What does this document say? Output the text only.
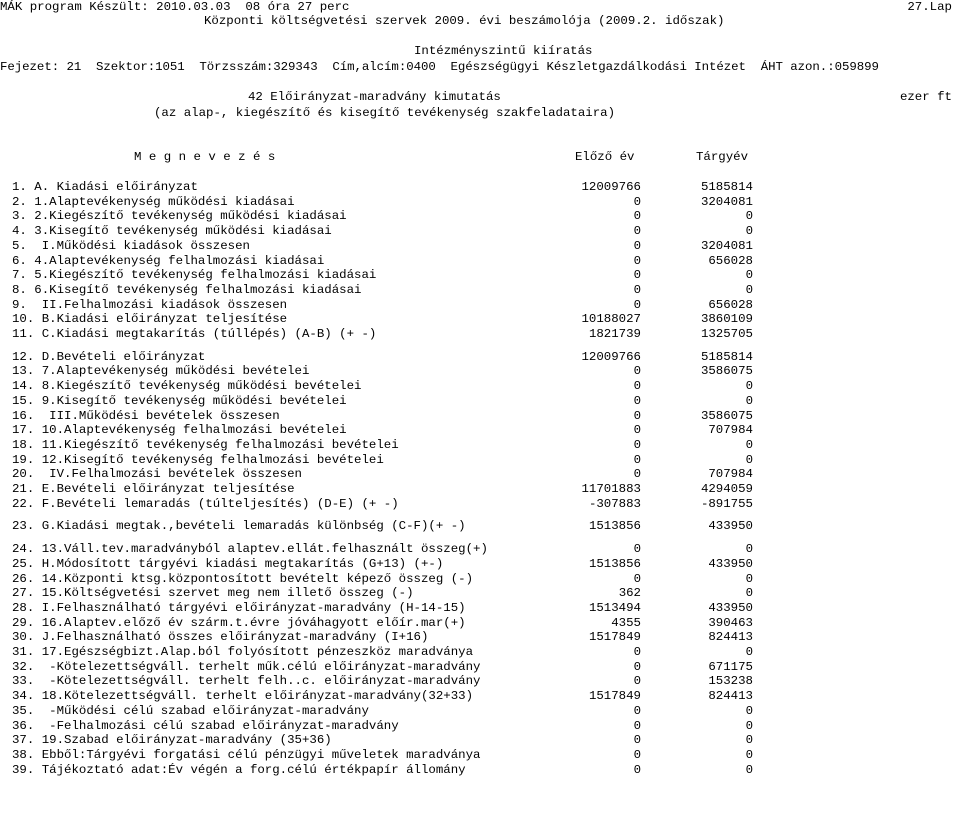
MÁK program Készült: 2010.03.03  08 óra 27 perc	27.Lap
Központi költségvetési szervek 2009. évi beszámolója (2009.2. időszak)
Intézményszintű kiíratás
Fejezet: 21  Szektor:1051  Törzsszám:329343  Cím,alcím:0400  Egészségügyi Készletgazdálkodási Intézet  ÁHT azon.:059899
42 Előirányzat-maradvány kimutatás	ezer ft
(az alap-, kiegészítő és kisegítő tevékenység szakfeladataira)
M e g n e v e z é s	Előző év	Tárgyév
1. A. Kiadási előirányzat	12009766	5185814
2. 1.Alaptevékenység működési kiadásai	0	3204081
3. 2.Kiegészítő tevékenység működési kiadásai	0	0
4. 3.Kisegítő tevékenység működési kiadásai	0	0
5.  I.Működési kiadások összesen	0	3204081
6. 4.Alaptevékenység felhalmozási kiadásai	0	656028
7. 5.Kiegészítő tevékenység felhalmozási kiadásai	0	0
8. 6.Kisegítő tevékenység felhalmozási kiadásai	0	0
9.  II.Felhalmozási kiadások összesen	0	656028
10. B.Kiadási előirányzat teljesítése	10188027	3860109
11. C.Kiadási megtakarítás (túllépés) (A-B) (+ -)	1821739	1325705
12. D.Bevételi előirányzat	12009766	5185814
13. 7.Alaptevékenység működési bevételei	0	3586075
14. 8.Kiegészítő tevékenység működési bevételei	0	0
15. 9.Kisegítő tevékenység működési bevételei	0	0
16.  III.Működési bevételek összesen	0	3586075
17. 10.Alaptevékenység felhalmozási bevételei	0	707984
18. 11.Kiegészítő tevékenység felhalmozási bevételei	0	0
19. 12.Kisegítő tevékenység felhalmozási bevételei	0	0
20.  IV.Felhalmozási bevételek összesen	0	707984
21. E.Bevételi előirányzat teljesítése	11701883	4294059
22. F.Bevételi lemaradás (túlteljesítés) (D-E) (+ -)	-307883	-891755
23. G.Kiadási megtak.,bevételi lemaradás különbség (C-F)(+ -)	1513856	433950
24. 13.Váll.tev.maradványból alaptev.ellát.felhasznált összeg(+)	0	0
25. H.Módosított tárgyévi kiadási megtakarítás (G+13) (+-)	1513856	433950
26. 14.Központi ktsg.központosított bevételt képező összeg (-)	0	0
27. 15.Költségvetési szervet meg nem illető összeg (-)	362	0
28. I.Felhasználható tárgyévi előirányzat-maradvány (H-14-15)	1513494	433950
29. 16.Alaptev.előző év szárm.t.évre jóváhagyott előír.mar(+)	4355	390463
30. J.Felhasználható összes előirányzat-maradvány (I+16)	1517849	824413
31. 17.Egészségbizt.Alap.ból folyósított pénzeszköz maradványa	0	0
32.  -Kötelezettségváll. terhelt műk.célú előirányzat-maradvány	0	671175
33.  -Kötelezettségváll. terhelt felh..c. előirányzat-maradvány	0	153238
34. 18.Kötelezettségváll. terhelt előirányzat-maradvány(32+33)	1517849	824413
35.  -Működési célú szabad előirányzat-maradvány	0	0
36.  -Felhalmozási célú szabad előirányzat-maradvány	0	0
37. 19.Szabad előirányzat-maradvány (35+36)	0	0
38. Ebből:Tárgyévi forgatási célú pénzügyi műveletek maradványa	0	0
39. Tájékoztató adat:Év végén a forg.célú értékpapír állomány	0	0
